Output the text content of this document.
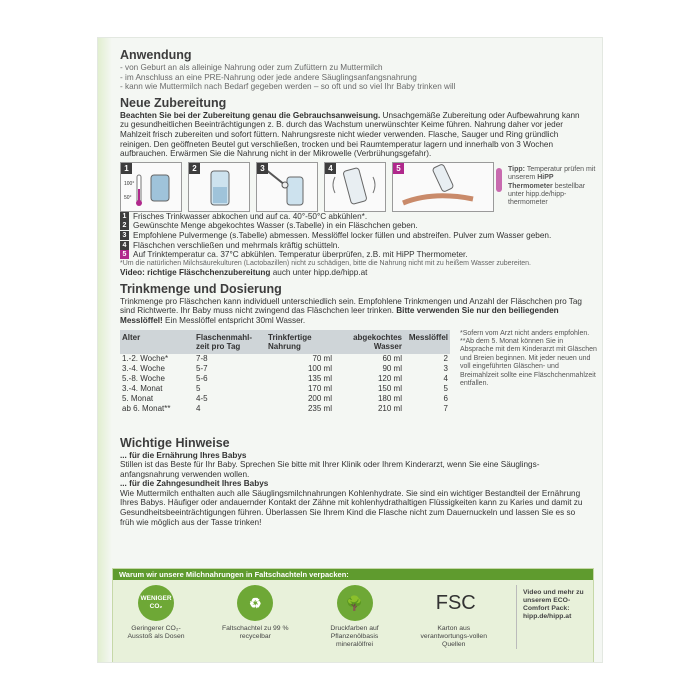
Anwendung

- von Geburt an als alleinige Nahrung oder zum Zufüttern zu Muttermilch

- im Anschluss an eine PRE-Nahrung oder jede andere Säuglingsanfangsnahrung

- kann wie Muttermilch nach Bedarf gegeben werden – so oft und so viel Ihr Baby trinken will

Neue Zubereitung

Beachten Sie bei der Zubereitung genau die Gebrauchsanweisung. Unsachgemäße Zubereitung oder Aufbewahrung kann zu gesundheitlichen Beeinträchtigungen z. B. durch das Wachstum unerwünschter Keime führen. Nahrung daher vor jeder Mahlzeit frisch zubereiten und sofort füttern. Nahrungsreste nicht wieder verwenden. Flasche, Sauger und Ring gründlich reinigen. Den geöffneten Beutel gut verschließen, trocken und bei Raumtemperatur lagern und innerhalb von 3 Wochen aufbrauchen. Erwärmen Sie die Nahrung nicht in der Mikrowelle (Verbrühungsgefahr).

1
100°
50°
2	3	4	5	Tipp: Temperatur prüfen mit unserem HiPP Thermometer bestellbar unter hipp.de/hipp-thermometer
1 Frisches Trinkwasser abkochen und auf ca. 40°-50°C abkühlen*.
2 Gewünschte Menge abgekochtes Wasser (s.Tabelle) in ein Fläschchen geben.
3 Empfohlene Pulvermenge (s.Tabelle) abmessen. Messlöffel locker füllen und abstreifen. Pulver zum Wasser geben.
4 Fläschchen verschließen und mehrmals kräftig schütteln.
5 Auf Trinktemperatur ca. 37°C abkühlen. Temperatur überprüfen, z.B. mit HiPP Thermometer.

*Um die natürlichen Milchsäurekulturen (Lactobazillen) nicht zu schädigen, bitte die Nahrung nicht mit zu heißem Wasser zubereiten.

Video: richtige Fläschchenzubereitung auch unter hipp.de/hipp.at

Trinkmenge und Dosierung

Trinkmenge pro Fläschchen kann individuell unterschiedlich sein. Empfohlene Trinkmengen und Anzahl der Fläschchen pro Tag sind Richtwerte. Ihr Baby muss nicht zwingend das Fläschchen leer trinken. Bitte verwenden Sie nur den beiliegenden Messlöffel! Ein Messlöffel entspricht 30ml Wasser.

Alter	Flaschenmahl-zeit pro Tag	Trinkfertige Nahrung	abgekochtes Wasser	Messlöffel
1.-2. Woche*	7-8	70 ml	60 ml	2
3.-4. Woche	5-7	100 ml	90 ml	3
5.-8. Woche	5-6	135 ml	120 ml	4
3.-4. Monat	5	170 ml	150 ml	5
5. Monat	4-5	200 ml	180 ml	6
ab 6. Monat**	4	235 ml	210 ml	7

*Sofern vom Arzt nicht anders empfohlen.

**Ab dem 5. Monat können Sie in Absprache mit dem Kinderarzt mit Gläschen und Breien beginnen. Mit jeder neuen und voll eingeführten Gläschen- und Breimahlzeit sollte eine Fläschchenmahlzeit entfallen.

Wichtige Hinweise

... für die Ernährung Ihres Babys

Stillen ist das Beste für Ihr Baby. Sprechen Sie bitte mit Ihrer Klinik oder Ihrem Kinderarzt, wenn Sie eine Säuglings-anfangsnahrung verwenden wollen.

... für die Zahngesundheit Ihres Babys

Wie Muttermilch enthalten auch alle Säuglingsmilchnahrungen Kohlenhydrate. Sie sind ein wichtiger Bestandteil der Ernährung Ihres Babys. Häufiger oder andauernder Kontakt der Zähne mit kohlenhydrathaltigen Flüssigkeiten kann zu Karies und damit zu Gesundheitsbeeinträchtigungen führen. Überlassen Sie Ihrem Kind die Flasche nicht zum Dauernuckeln und lassen Sie es so früh wie möglich aus der Tasse trinken!

Warum wir unsere Milchnahrungen in Faltschachteln verpacken:
WENIGER CO₂
Geringerer CO₂-Ausstoß als Dosen
♻
Faltschachtel zu 99 % recycelbar
🌳
Druckfarben auf Pflanzenölbasis mineralölfrei
FSC
Karton aus verantwortungs-vollen Quellen
Video und mehr zu unserem ECO-Comfort Pack: hipp.de/hipp.at
